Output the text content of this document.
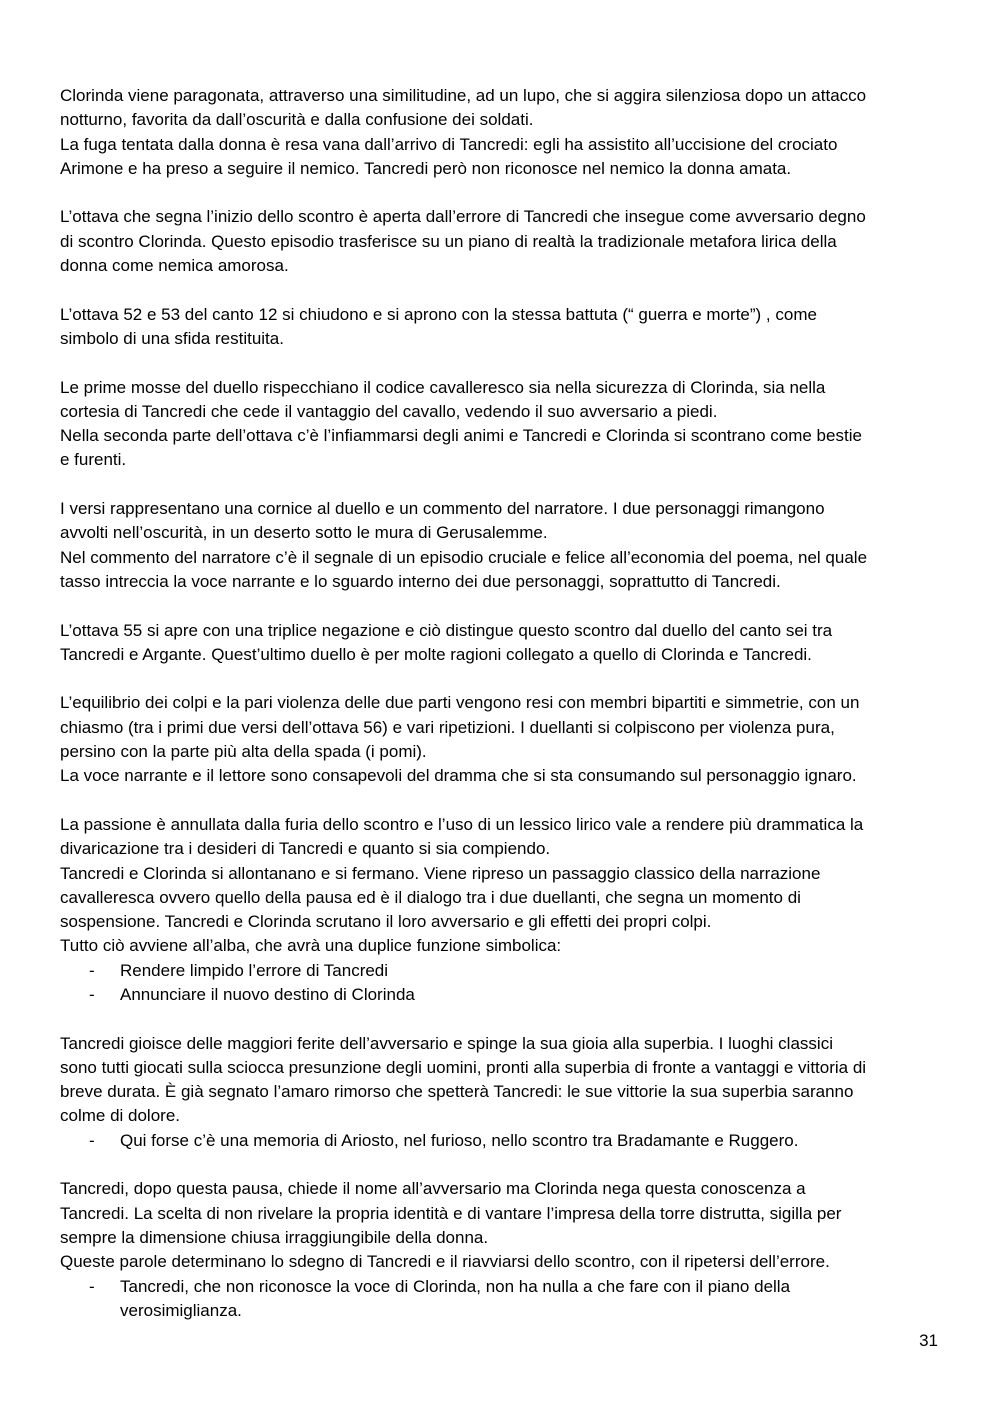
Clorinda viene paragonata, attraverso una similitudine, ad un lupo, che si aggira silenziosa dopo un attacco
notturno, favorita da dall’oscurità e dalla confusione dei soldati.
La fuga tentata dalla donna è resa vana dall’arrivo di Tancredi: egli ha assistito all’uccisione del crociato
Arimone e ha preso a seguire il nemico. Tancredi però non riconosce nel nemico la donna amata.
L’ottava che segna l’inizio dello scontro è aperta dall’errore di Tancredi che insegue come avversario degno
di scontro Clorinda. Questo episodio trasferisce su un piano di realtà la tradizionale metafora lirica della
donna come nemica amorosa.
L’ottava 52 e 53 del canto 12 si chiudono e si aprono con la stessa battuta (“ guerra e morte”) , come
simbolo di una sfida restituita.
Le prime mosse del duello rispecchiano il codice cavalleresco sia nella sicurezza di Clorinda, sia nella
cortesia di Tancredi che cede il vantaggio del cavallo, vedendo il suo avversario a piedi.
Nella seconda parte dell’ottava c’è l’infiammarsi degli animi e Tancredi e Clorinda si scontrano come bestie
e furenti.
I versi rappresentano una cornice al duello e un commento del narratore. I due personaggi rimangono
avvolti nell’oscurità, in un deserto sotto le mura di Gerusalemme.
Nel commento del narratore c’è il segnale di un episodio cruciale e felice all’economia del poema, nel quale
tasso intreccia la voce narrante e lo sguardo interno dei due personaggi, soprattutto di Tancredi.
L’ottava 55 si apre con una triplice negazione e ciò distingue questo scontro dal duello del canto sei tra
Tancredi e Argante. Quest’ultimo duello è per molte ragioni collegato a quello di Clorinda e Tancredi.
L’equilibrio dei colpi e la pari violenza delle due parti vengono resi con membri bipartiti e simmetrie, con un
chiasmo (tra i primi due versi dell’ottava 56) e vari ripetizioni. I duellanti si colpiscono per violenza pura,
persino con la parte più alta della spada (i pomi).
La voce narrante e il lettore sono consapevoli del dramma che si sta consumando sul personaggio ignaro.
La passione è annullata dalla furia dello scontro e l’uso di un lessico lirico vale a rendere più drammatica la
divaricazione tra i desideri di Tancredi e quanto si sia compiendo.
Tancredi e Clorinda si allontanano e si fermano. Viene ripreso un passaggio classico della narrazione
cavalleresca ovvero quello della pausa ed è il dialogo tra i due duellanti, che segna un momento di
sospensione. Tancredi e Clorinda scrutano il loro avversario e gli effetti dei propri colpi.
Tutto ciò avviene all’alba, che avrà una duplice funzione simbolica:
- Rendere limpido l’errore di Tancredi
- Annunciare il nuovo destino di Clorinda
Tancredi gioisce delle maggiori ferite dell’avversario e spinge la sua gioia alla superbia. I luoghi classici
sono tutti giocati sulla sciocca presunzione degli uomini, pronti alla superbia di fronte a vantaggi e vittoria di
breve durata. È già segnato l’amaro rimorso che spetterà Tancredi: le sue vittorie la sua superbia saranno
colme di dolore.
- Qui forse c’è una memoria di Ariosto, nel furioso, nello scontro tra Bradamante e Ruggero.
Tancredi, dopo questa pausa, chiede il nome all’avversario ma Clorinda nega questa conoscenza a
Tancredi. La scelta di non rivelare la propria identità e di vantare l’impresa della torre distrutta, sigilla per
sempre la dimensione chiusa irraggiungibile della donna.
Queste parole determinano lo sdegno di Tancredi e il riavviarsi dello scontro, con il ripetersi dell’errore.
- Tancredi, che non riconosce la voce di Clorinda, non ha nulla a che fare con il piano della
verosimiglianza.
31
